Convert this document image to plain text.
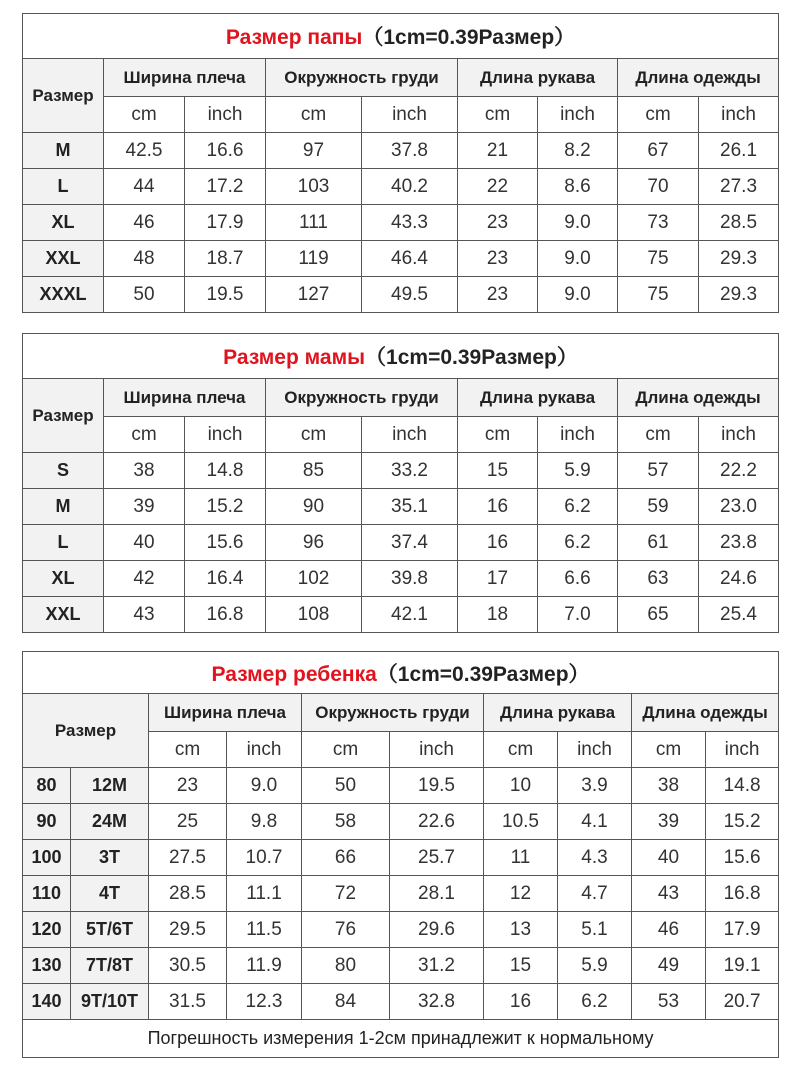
Размер папы（1cm=0.39Размер）								
Размер	Ширина плеча		Окружность груди		Длина рукава		Длина одежды	
	cm	inch	cm	inch	cm	inch	cm	inch
M	42.5	16.6	97	37.8	21	8.2	67	26.1
L	44	17.2	103	40.2	22	8.6	70	27.3
XL	46	17.9	111	43.3	23	9.0	73	28.5
XXL	48	18.7	119	46.4	23	9.0	75	29.3
XXXL	50	19.5	127	49.5	23	9.0	75	29.3
Размер мамы（1cm=0.39Размер）								
Размер	Ширина плеча		Окружность груди		Длина рукава		Длина одежды	
	cm	inch	cm	inch	cm	inch	cm	inch
S	38	14.8	85	33.2	15	5.9	57	22.2
M	39	15.2	90	35.1	16	6.2	59	23.0
L	40	15.6	96	37.4	16	6.2	61	23.8
XL	42	16.4	102	39.8	17	6.6	63	24.6
XXL	43	16.8	108	42.1	18	7.0	65	25.4
Размер ребенка（1cm=0.39Размер）									
Размер		Ширина плеча		Окружность груди		Длина рукава		Длина одежды	
		cm	inch	cm	inch	cm	inch	cm	inch
80	12M	23	9.0	50	19.5	10	3.9	38	14.8
90	24M	25	9.8	58	22.6	10.5	4.1	39	15.2
100	3T	27.5	10.7	66	25.7	11	4.3	40	15.6
110	4T	28.5	11.1	72	28.1	12	4.7	43	16.8
120	5T/6T	29.5	11.5	76	29.6	13	5.1	46	17.9
130	7T/8T	30.5	11.9	80	31.2	15	5.9	49	19.1
140	9T/10T	31.5	12.3	84	32.8	16	6.2	53	20.7
Погрешность измерения 1-2см принадлежит к нормальному									
